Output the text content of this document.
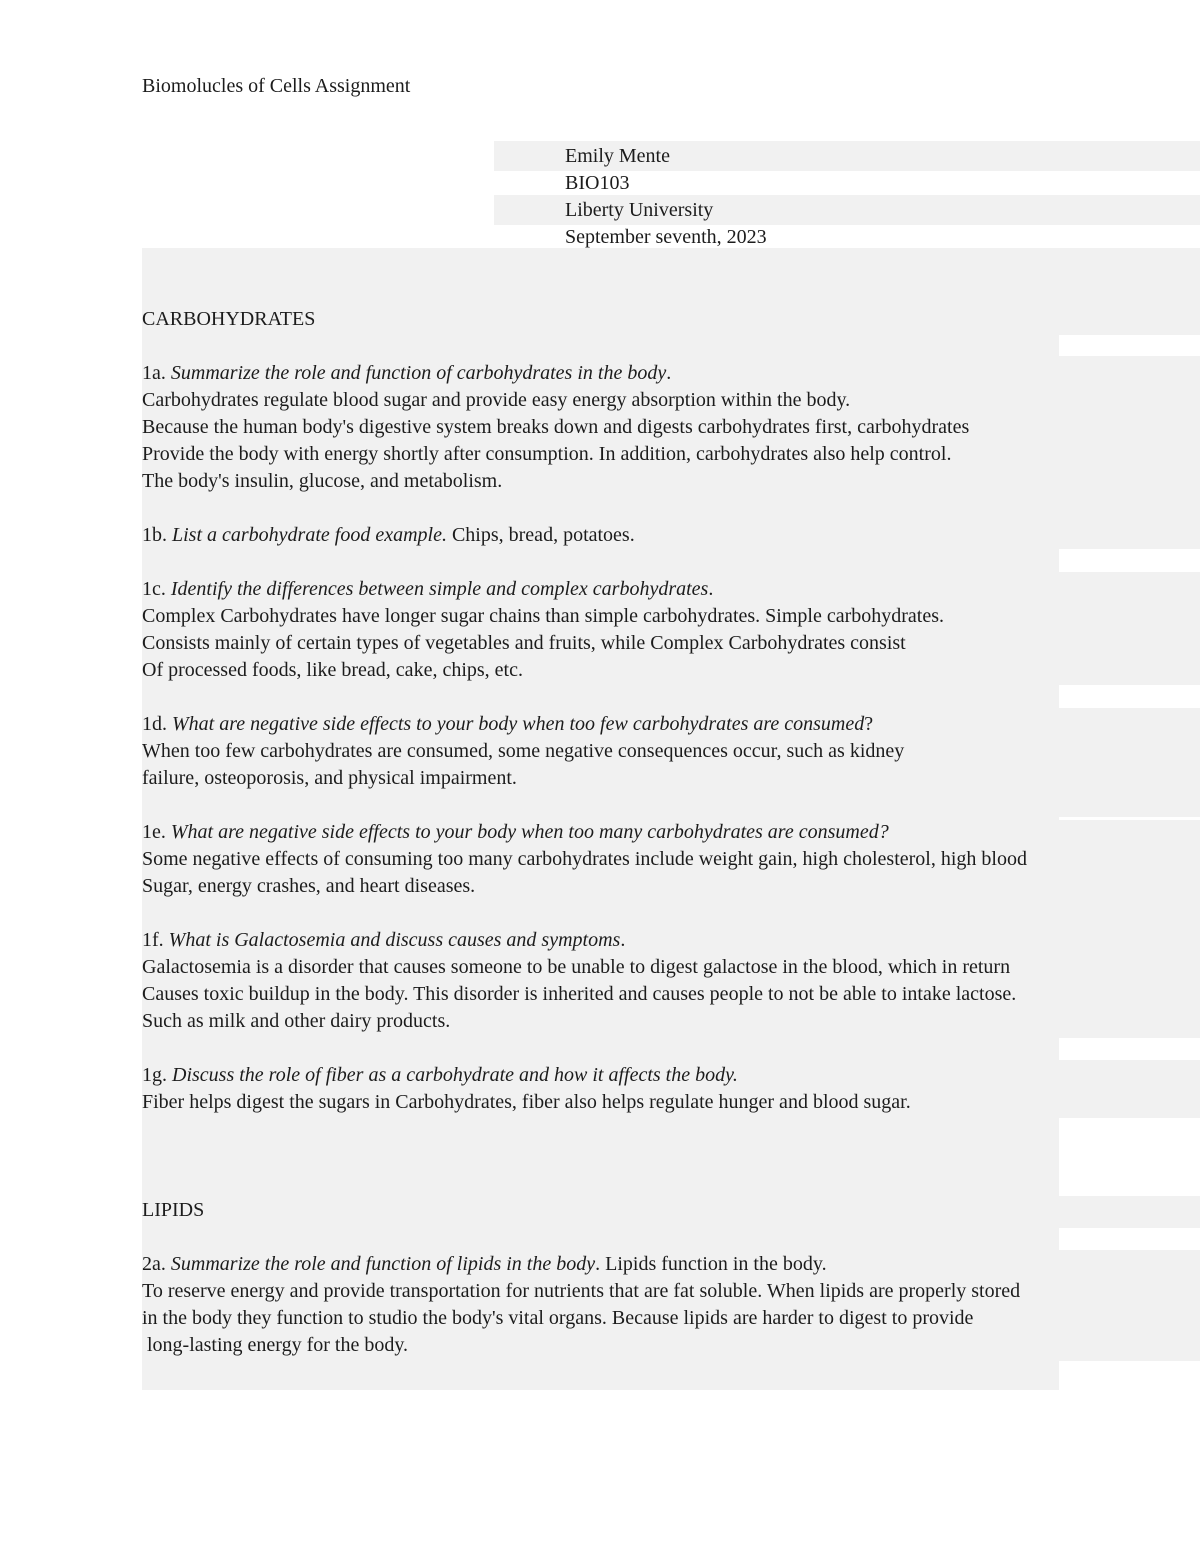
Biomolucles of Cells Assignment

Emily Mente

BIO103

Liberty University

September seventh, 2023

CARBOHYDRATES

1a. Summarize the role and function of carbohydrates in the body.

Carbohydrates regulate blood sugar and provide easy energy absorption within the body.

Because the human body's digestive system breaks down and digests carbohydrates first, carbohydrates

Provide the body with energy shortly after consumption. In addition, carbohydrates also help control.

The body's insulin, glucose, and metabolism.

1b. List a carbohydrate food example. Chips, bread, potatoes.

1c. Identify the differences between simple and complex carbohydrates.

Complex Carbohydrates have longer sugar chains than simple carbohydrates. Simple carbohydrates.

Consists mainly of certain types of vegetables and fruits, while Complex Carbohydrates consist

Of processed foods, like bread, cake, chips, etc.

1d. What are negative side effects to your body when too few carbohydrates are consumed?

When too few carbohydrates are consumed, some negative consequences occur, such as kidney

failure, osteoporosis, and physical impairment.

1e. What are negative side effects to your body when too many carbohydrates are consumed?

Some negative effects of consuming too many carbohydrates include weight gain, high cholesterol, high blood

Sugar, energy crashes, and heart diseases.

1f. What is Galactosemia and discuss causes and symptoms.

Galactosemia is a disorder that causes someone to be unable to digest galactose in the blood, which in return

Causes toxic buildup in the body. This disorder is inherited and causes people to not be able to intake lactose.

Such as milk and other dairy products.

1g. Discuss the role of fiber as a carbohydrate and how it affects the body.

Fiber helps digest the sugars in Carbohydrates, fiber also helps regulate hunger and blood sugar.

LIPIDS

2a. Summarize the role and function of lipids in the body. Lipids function in the body.

To reserve energy and provide transportation for nutrients that are fat soluble. When lipids are properly stored

in the body they function to studio the body's vital organs. Because lipids are harder to digest to provide

long-lasting energy for the body.
